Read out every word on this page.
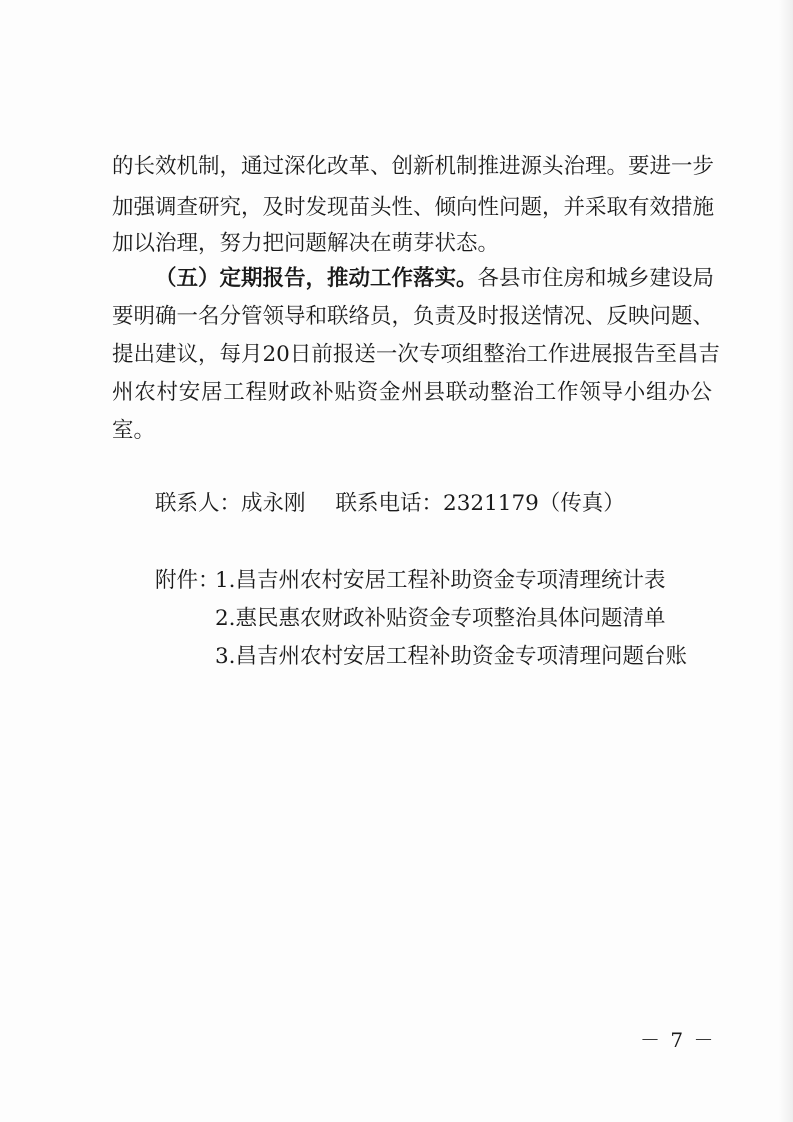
的长效机制，通过深化改革、创新机制推进源头治理。要进一步
加强调查研究，及时发现苗头性、倾向性问题，并采取有效措施
加以治理，努力把问题解决在萌芽状态。
（五）定期报告，推动工作落实。各县市住房和城乡建设局
要明确一名分管领导和联络员，负责及时报送情况、反映问题、
提出建议，每月20日前报送一次专项组整治工作进展报告至昌吉
州农村安居工程财政补贴资金州县联动整治工作领导小组办公
室。
联系人：成永刚 联系电话：2321179（传真）
附件：
1.昌吉州农村安居工程补助资金专项清理统计表
2.惠民惠农财政补贴资金专项整治具体问题清单
3.昌吉州农村安居工程补助资金专项清理问题台账
－ 7 －
